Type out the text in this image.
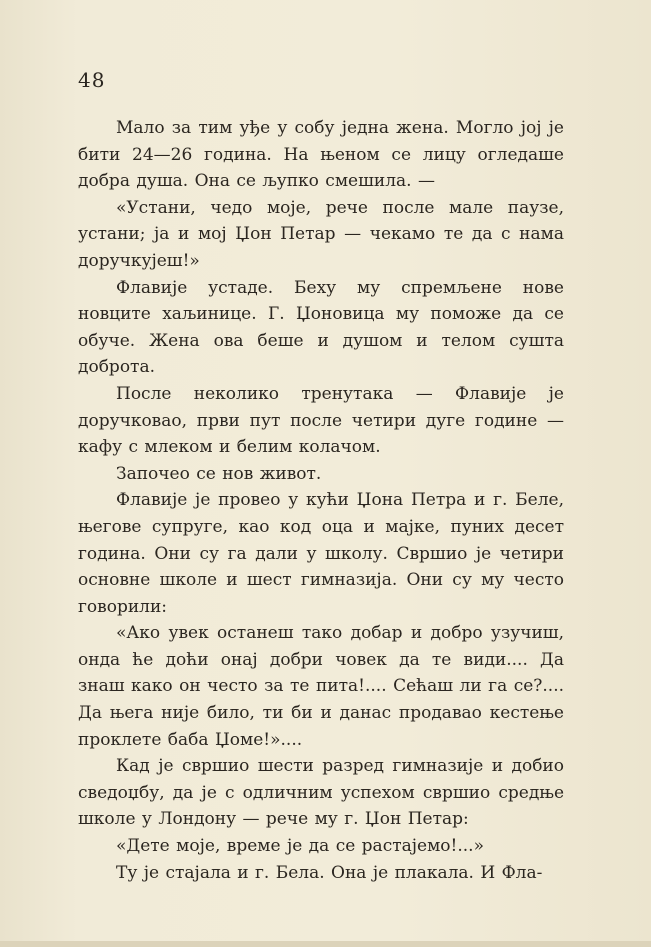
48

Мало за тим уђе у собу једна жена. Могло јој је бити 24—26 година. На њеном се лицу огледаше добра душа. Она се љупко смешила. —

«Устани, чедо моје, рече после мале паузе, устани; ја и мој Џон Петар — чекамо те да с нама доручкујеш!»

Флавије устаде. Беху му спремљене нове новците хаљинице. Г. Џоновица му поможе да се обуче. Жена ова беше и душом и телом сушта доброта.

После неколико тренутака — Флавије је доручковао, први пут после четири дуге године — кафу с млеком и белим колачом.

Започео се нов живот.

Флавије је провео у кући Џона Петра и г. Беле, његове супруге, као код оца и мајке, пуних десет година. Они су га дали у школу. Свршио је четири основне школе и шест гимназија. Они су му често говорили:

«Ако увек останеш тако добар и добро узучиш, онда ће доћи онај добри човек да те види.... Да знаш како он често за те пита!.... Сећаш ли га се?.... Да њега није било, ти би и данас продавао кестење проклете баба Џоме!»....

Кад је свршио шести разред гимназије и добио сведоџбу, да је с одличним успехом свршио средње школе у Лондону — рече му г. Џон Петар:

«Дете моје, време је да се растајемо!...»

Ту је стајала и г. Бела. Она је плакала. И Фла-
